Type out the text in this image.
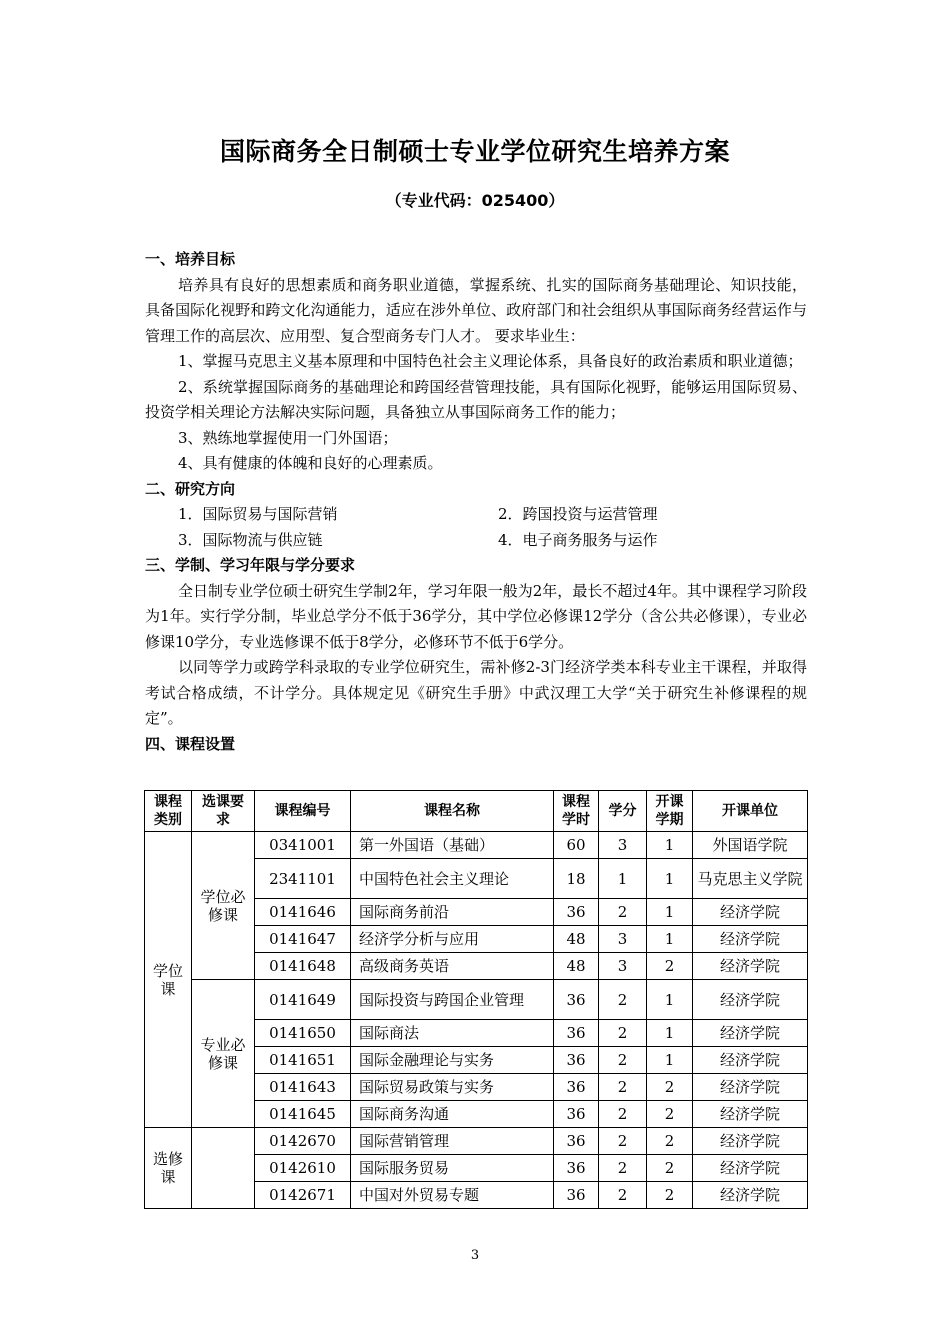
国际商务全日制硕士专业学位研究生培养方案
（专业代码：025400）
一、培养目标

培养具有良好的思想素质和商务职业道德，掌握系统、扎实的国际商务基础理论、知识技能，具备国际化视野和跨文化沟通能力，适应在涉外单位、政府部门和社会组织从事国际商务经营运作与管理工作的高层次、应用型、复合型商务专门人才。 要求毕业生：

1、掌握马克思主义基本原理和中国特色社会主义理论体系，具备良好的政治素质和职业道德；

2、系统掌握国际商务的基础理论和跨国经营管理技能，具有国际化视野，能够运用国际贸易、投资学相关理论方法解决实际问题，具备独立从事国际商务工作的能力；

3、熟练地掌握使用一门外国语；

4、具有健康的体魄和良好的心理素质。

二、研究方向
1．国际贸易与国际营销	2．跨国投资与运营管理
3．国际物流与供应链	4．电子商务服务与运作
三、学制、学习年限与学分要求

全日制专业学位硕士研究生学制2年，学习年限一般为2年，最长不超过4年。其中课程学习阶段为1年。实行学分制，毕业总学分不低于36学分，其中学位必修课12学分（含公共必修课），专业必修课10学分，专业选修课不低于8学分，必修环节不低于6学分。

以同等学力或跨学科录取的专业学位研究生，需补修2-3门经济学类本科专业主干课程，并取得考试合格成绩，不计学分。具体规定见《研究生手册》中武汉理工大学“关于研究生补修课程的规定”。

四、课程设置
课程类别	选课要求	课程编号	课程名称	课程学时	学分	开课学期	开课单位
学位课	学位必修课	0341001	第一外国语（基础）	60	3	1	外国语学院
		2341101	中国特色社会主义理论	18	1	1	马克思主义学院
		0141646	国际商务前沿	36	2	1	经济学院
		0141647	经济学分析与应用	48	3	1	经济学院
		0141648	高级商务英语	48	3	2	经济学院
	专业必修课	0141649	国际投资与跨国企业管理	36	2	1	经济学院
		0141650	国际商法	36	2	1	经济学院
		0141651	国际金融理论与实务	36	2	1	经济学院
		0141643	国际贸易政策与实务	36	2	2	经济学院
		0141645	国际商务沟通	36	2	2	经济学院
选修课		0142670	国际营销管理	36	2	2	经济学院
		0142610	国际服务贸易	36	2	2	经济学院
		0142671	中国对外贸易专题	36	2	2	经济学院
3
